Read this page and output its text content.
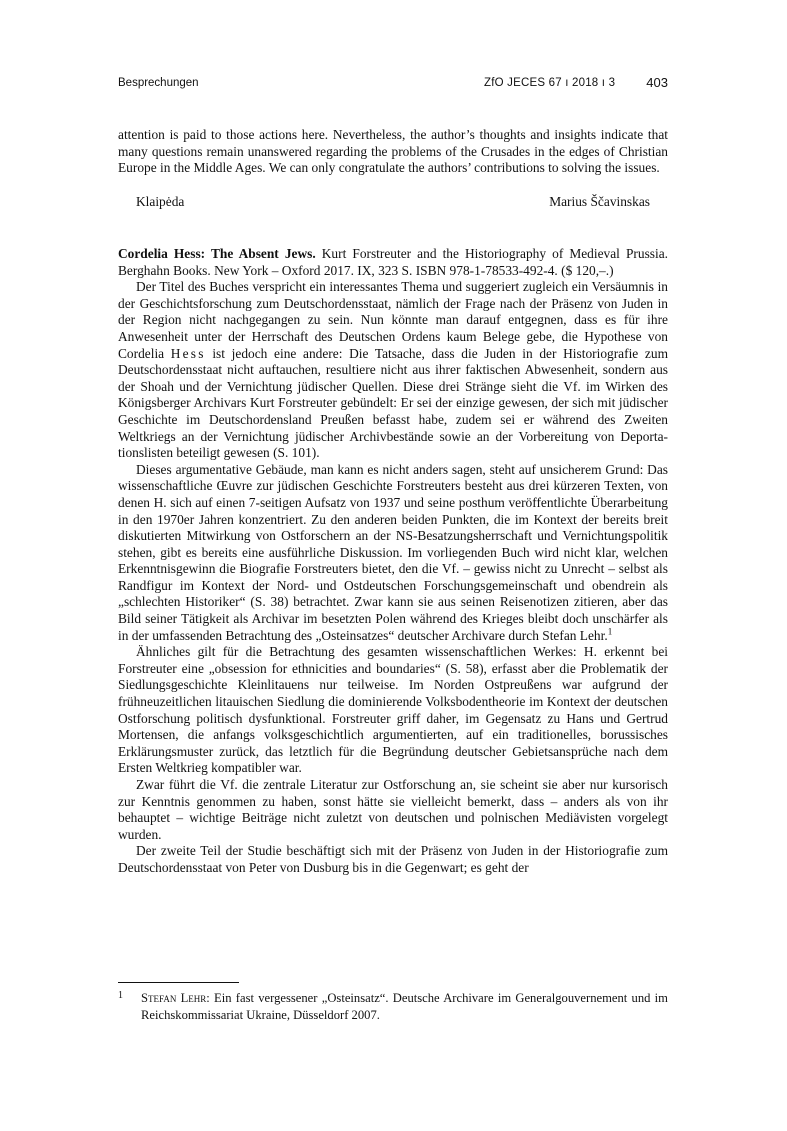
Besprechungen	ZfO JECES 67 ı 2018 ı 3 403

attention is paid to those actions here. Nevertheless, the author’s thoughts and insights indicate that many questions remain unanswered regarding the problems of the Crusades in the edges of Christian Europe in the Middle Ages. We can only congratulate the authors’ contributions to solving the issues.

Klaipėda	Marius Ščavinskas

Cordelia Hess: The Absent Jews. Kurt Forstreuter and the Historiography of Medieval Prussia. Berghahn Books. New York – Oxford 2017. IX, 323 S. ISBN 978-1-78533-492-4. ($ 120,–.)

Der Titel des Buches verspricht ein interessantes Thema und suggeriert zugleich ein Versäumnis in der Geschichtsforschung zum Deutschordensstaat, nämlich der Frage nach der Präsenz von Juden in der Region nicht nachgegangen zu sein. Nun könnte man darauf entgegnen, dass es für ihre Anwesenheit unter der Herrschaft des Deutschen Ordens kaum Belege gebe, die Hypothese von Cordelia Hess ist jedoch eine andere: Die Tatsache, dass die Juden in der Historiografie zum Deutschordensstaat nicht auftauchen, resultiere nicht aus ihrer faktischen Abwesenheit, sondern aus der Shoah und der Vernichtung jüdischer Quellen. Diese drei Stränge sieht die Vf. im Wirken des Königsberger Archivars Kurt Forstreuter gebündelt: Er sei der einzige gewesen, der sich mit jüdischer Geschichte im Deutschordensland Preußen befasst habe, zudem sei er während des Zweiten Weltkriegs an der Vernichtung jüdischer Archivbestände sowie an der Vorbereitung von Deportationslisten beteiligt gewesen (S. 101).

Dieses argumentative Gebäude, man kann es nicht anders sagen, steht auf unsicherem Grund: Das wissenschaftliche Œuvre zur jüdischen Geschichte Forstreuters besteht aus drei kürzeren Texten, von denen H. sich auf einen 7-seitigen Aufsatz von 1937 und seine posthum veröffentlichte Überarbeitung in den 1970er Jahren konzentriert. Zu den anderen beiden Punkten, die im Kontext der bereits breit diskutierten Mitwirkung von Ostforschern an der NS-Besatzungsherrschaft und Vernichtungspolitik stehen, gibt es bereits eine ausführliche Diskussion. Im vorliegenden Buch wird nicht klar, welchen Erkenntnisgewinn die Biografie Forstreuters bietet, den die Vf. – gewiss nicht zu Unrecht – selbst als Randfigur im Kontext der Nord- und Ostdeutschen Forschungsgemeinschaft und obendrein als „schlechten Historiker“ (S. 38) betrachtet. Zwar kann sie aus seinen Reisenotizen zitieren, aber das Bild seiner Tätigkeit als Archivar im besetzten Polen während des Krieges bleibt doch unschärfer als in der umfassenden Betrachtung des „Osteinsatzes“ deutscher Archivare durch Stefan Lehr.$^1$

Ähnliches gilt für die Betrachtung des gesamten wissenschaftlichen Werkes: H. erkennt bei Forstreuter eine „obsession for ethnicities and boundaries“ (S. 58), erfasst aber die Problematik der Siedlungsgeschichte Kleinlitauens nur teilweise. Im Norden Ostpreußens war aufgrund der frühneuzeitlichen litauischen Siedlung die dominierende Volksbodentheorie im Kontext der deutschen Ostforschung politisch dysfunktional. Forstreuter griff daher, im Gegensatz zu Hans und Gertrud Mortensen, die anfangs volksgeschichtlich argumentierten, auf ein traditionelles, borussisches Erklärungsmuster zurück, das letztlich für die Begründung deutscher Gebietsansprüche nach dem Ersten Weltkrieg kompatibler war.

Zwar führt die Vf. die zentrale Literatur zur Ostforschung an, sie scheint sie aber nur kursorisch zur Kenntnis genommen zu haben, sonst hätte sie vielleicht bemerkt, dass – anders als von ihr behauptet – wichtige Beiträge nicht zuletzt von deutschen und polnischen Mediävisten vorgelegt wurden.

Der zweite Teil der Studie beschäftigt sich mit der Präsenz von Juden in der Historiografie zum Deutschordensstaat von Peter von Dusburg bis in die Gegenwart; es geht der

1 Stefan Lehr: Ein fast vergessener „Osteinsatz“. Deutsche Archivare im Generalgouvernement und im Reichskommissariat Ukraine, Düsseldorf 2007.
